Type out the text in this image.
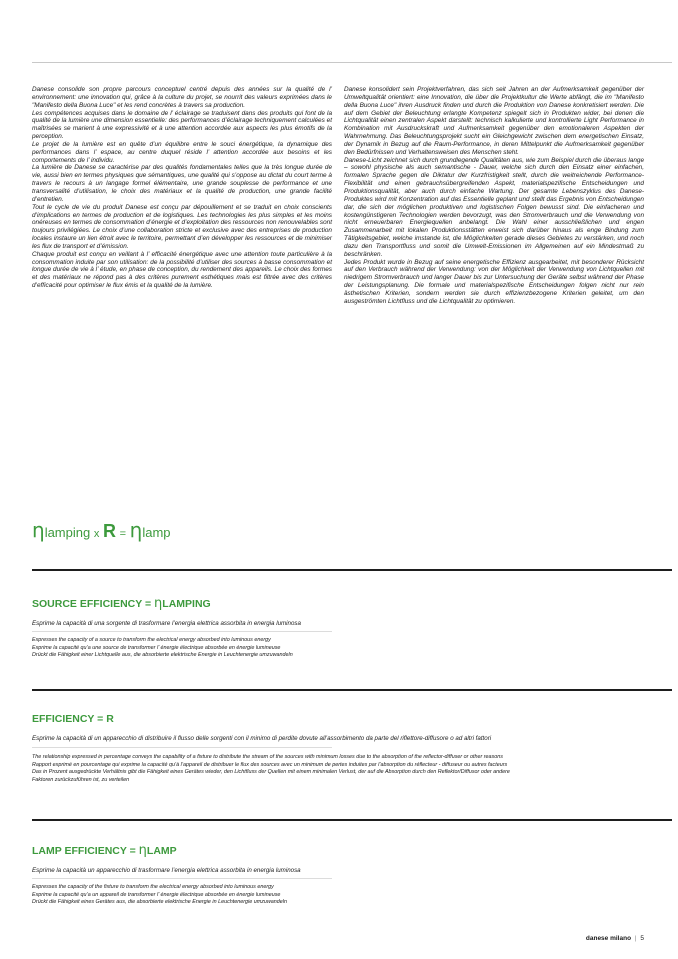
Danese consolide son propre parcours conceptuel centré depuis des années sur la qualité de l’ environnement: une innovation qui, grâce à la culture du projet, se nourrit des valeurs exprimées dans le "Manifesto della Buona Luce" et les rend concrètes à travers sa production.

Les compétences acquises dans le domaine de l’ éclairage se traduisent dans des produits qui font de la qualité de la lumière une dimension essentielle: des performances d’éclairage techniquement calculées et maîtrisées se marient à une expressivité et à une attention accordée aux aspects les plus émotifs de la perception.

Le projet de la lumière est en quête d’un équilibre entre le souci énergétique, la dynamique des performances dans l’ espace, au centre duquel réside l’ attention accordée aux besoins et les comportements de l’ individu.

La lumière de Danese se caractérise par des qualités fondamentales telles que la très longue durée de vie, aussi bien en termes physiques que sémantiques, une qualité qui s’oppose au dictat du court terme à travers le recours à un langage formel élémentaire, une grande souplesse de performance et une transversalité d’utilisation, le choix des matériaux et la qualité de production, une grande facilité d’entretien.

Tout le cycle de vie du produit Danese est conçu par dépouillement et se traduit en choix conscients d’implications en termes de production et de logistiques. Les technologies les plus simples et les moins onéreuses en termes de consommation d’énergie et d’exploitation des ressources non renouvelables sont toujours privilégiées. Le choix d’une collaboration stricte et exclusive avec des entreprises de production locales instaure un lien étroit avec le territoire, permettant d’en développer les ressources et de minimiser les flux de transport et d’émission.

Chaque produit est conçu en veillant à l’ efficacité énergétique avec une attention toute particulière à la consommation induite par son utilisation: de la possibilité d’utiliser des sources à basse consommation et longue durée de vie à l’ étude, en phase de conception, du rendement des appareils. Le choix des formes et des matériaux ne répond pas à des critères purement esthétiques mais est filtrée avec des critères d’efficacité pour optimiser le flux émis et la qualité de la lumière.

Danese konsolidert sein Projektverfahren, das sich seit Jahren an der Aufmerksamkeit gegenüber der Umweltqualität orientiert: eine Innovation, die über die Projektkultur die Werte abfängt, die im "Manifesto della Buona Luce" ihren Ausdruck finden und durch die Produktion von Danese konkretisiert werden. Die auf dem Gebiet der Beleuchtung erlangte Kompetenz spiegelt sich in Produkten wider, bei denen die Lichtqualität einen zentralen Aspekt darstellt: technisch kalkulierte und kontrollierte Light Performance in Kombination mit Ausdruckskraft und Aufmerksamkeit gegenüber den emotionaleren Aspekten der Wahrnehmung. Das Beleuchtungsprojekt sucht ein Gleichgewicht zwischen dem energetischen Einsatz, der Dynamik in Bezug auf die Raum-Performance, in deren Mittelpunkt die Aufmerksamkeit gegenüber den Bedürfnissen und Verhaltensweisen des Menschen steht.

Danese-Licht zeichnet sich durch grundlegende Qualitäten aus, wie zum Beispiel durch die überaus lange – sowohl physische als auch semantische - Dauer, welche sich durch den Einsatz einer einfachen, formalen Sprache gegen die Diktatur der Kurzfristigkeit stellt, durch die weitreichende Performance-Flexibilität und einen gebrauchsübergreifenden Aspekt, materialspezifische Entscheidungen und Produktionsqualität, aber auch durch einfache Wartung. Der gesamte Lebenszyklus des Danese-Produktes wird mit Konzentration auf das Essentielle geplant und stellt das Ergebnis von Entscheidungen dar, die sich der möglichen produktiven und logistischen Folgen bewusst sind. Die einfacheren und kostengünstigeren Technologien werden bevorzugt, was den Stromverbrauch und die Verwendung von nicht erneuerbaren Energiequellen anbelangt. Die Wahl einer ausschließlichen und engen Zusammenarbeit mit lokalen Produktionsstätten erweist sich darüber hinaus als enge Bindung zum Tätigkeitsgebiet, welche imstande ist, die Möglichkeiten gerade dieses Gebietes zu verstärken, und noch dazu den Transportfluss und somit die Umwelt-Emissionen im Allgemeinen auf ein Mindestmaß zu beschränken.

Jedes Produkt wurde in Bezug auf seine energetische Effizienz ausgearbeitet, mit besonderer Rücksicht auf den Verbrauch während der Verwendung: von der Möglichkeit der Verwendung von Lichtquellen mit niedrigem Stromverbrauch und langer Dauer bis zur Untersuchung der Geräte selbst während der Phase der Leistungsplanung. Die formale und materialspezifische Entscheidungen folgen nicht nur rein ästhetischen Kriterien, sondern werden sie durch effizienzbezogene Kriterien geleitet, um den ausgeströmten Lichtfluss und die Lichtqualität zu optimieren.

ηlamping x R = ηlamp
SOURCE EFFICIENCY = ηLAMPING
Esprime la capacità di una sorgente di trasformare l’energia elettrica assorbita in energia luminosa
Expresses the capacity of a source to transform the electrical energy absorbed into luminous energy
Exprime la capacité qu’a une source de transformer l’ énergie électrique absorbée en énergie lumineuse
Drückt die Fähigkeit einer Lichtquelle aus, die absorbierte elektrische Energie in Leuchtenergie umzuwandeln
EFFICIENCY = R
Esprime la capacità di un apparecchio di distribuire il flusso delle sorgenti con il minimo di perdite dovute all’assorbimento da parte del riflettore-diffusore o ad altri fattori
The relationship expressed in percentage conveys the capability of a fixture to distribute the stream of the sources with minimum losses due to the absorption of the reflector-diffuser or other reasons
Rapport exprimé en pourcentage qui exprime la capacité qu’à l’appareil de distribuer le flux des sources avec un minimum de pertes induites par l’absorption du réflecteur - diffuseur ou autres facteurs
Das in Prozent ausgedrückte Verhältnis gibt die Fähigkeit eines Gerätes wieder, den Lichtfluss der Quellen mit einem minimalen Verlust, der auf die Absorption durch den Reflektor/Diffusor oder andere
Faktoren zurückzuführen ist, zu verteilen
LAMP EFFICIENCY = ηLAMP
Esprime la capacità un apparecchio di trasformare l’energia elettrica assorbita in energia luminosa
Expresses the capacity of the fixture to transform the electrical energy absorbed into luminous energy
Exprime la capacité qu’a un appareil de transformer l’ énergie électrique absorbée en énergie lumineuse
Drückt die Fähigkeit eines Gerätes aus, die absorbierte elektrische Energie in Leuchtenergie umzuwandeln
danese milano | 5
